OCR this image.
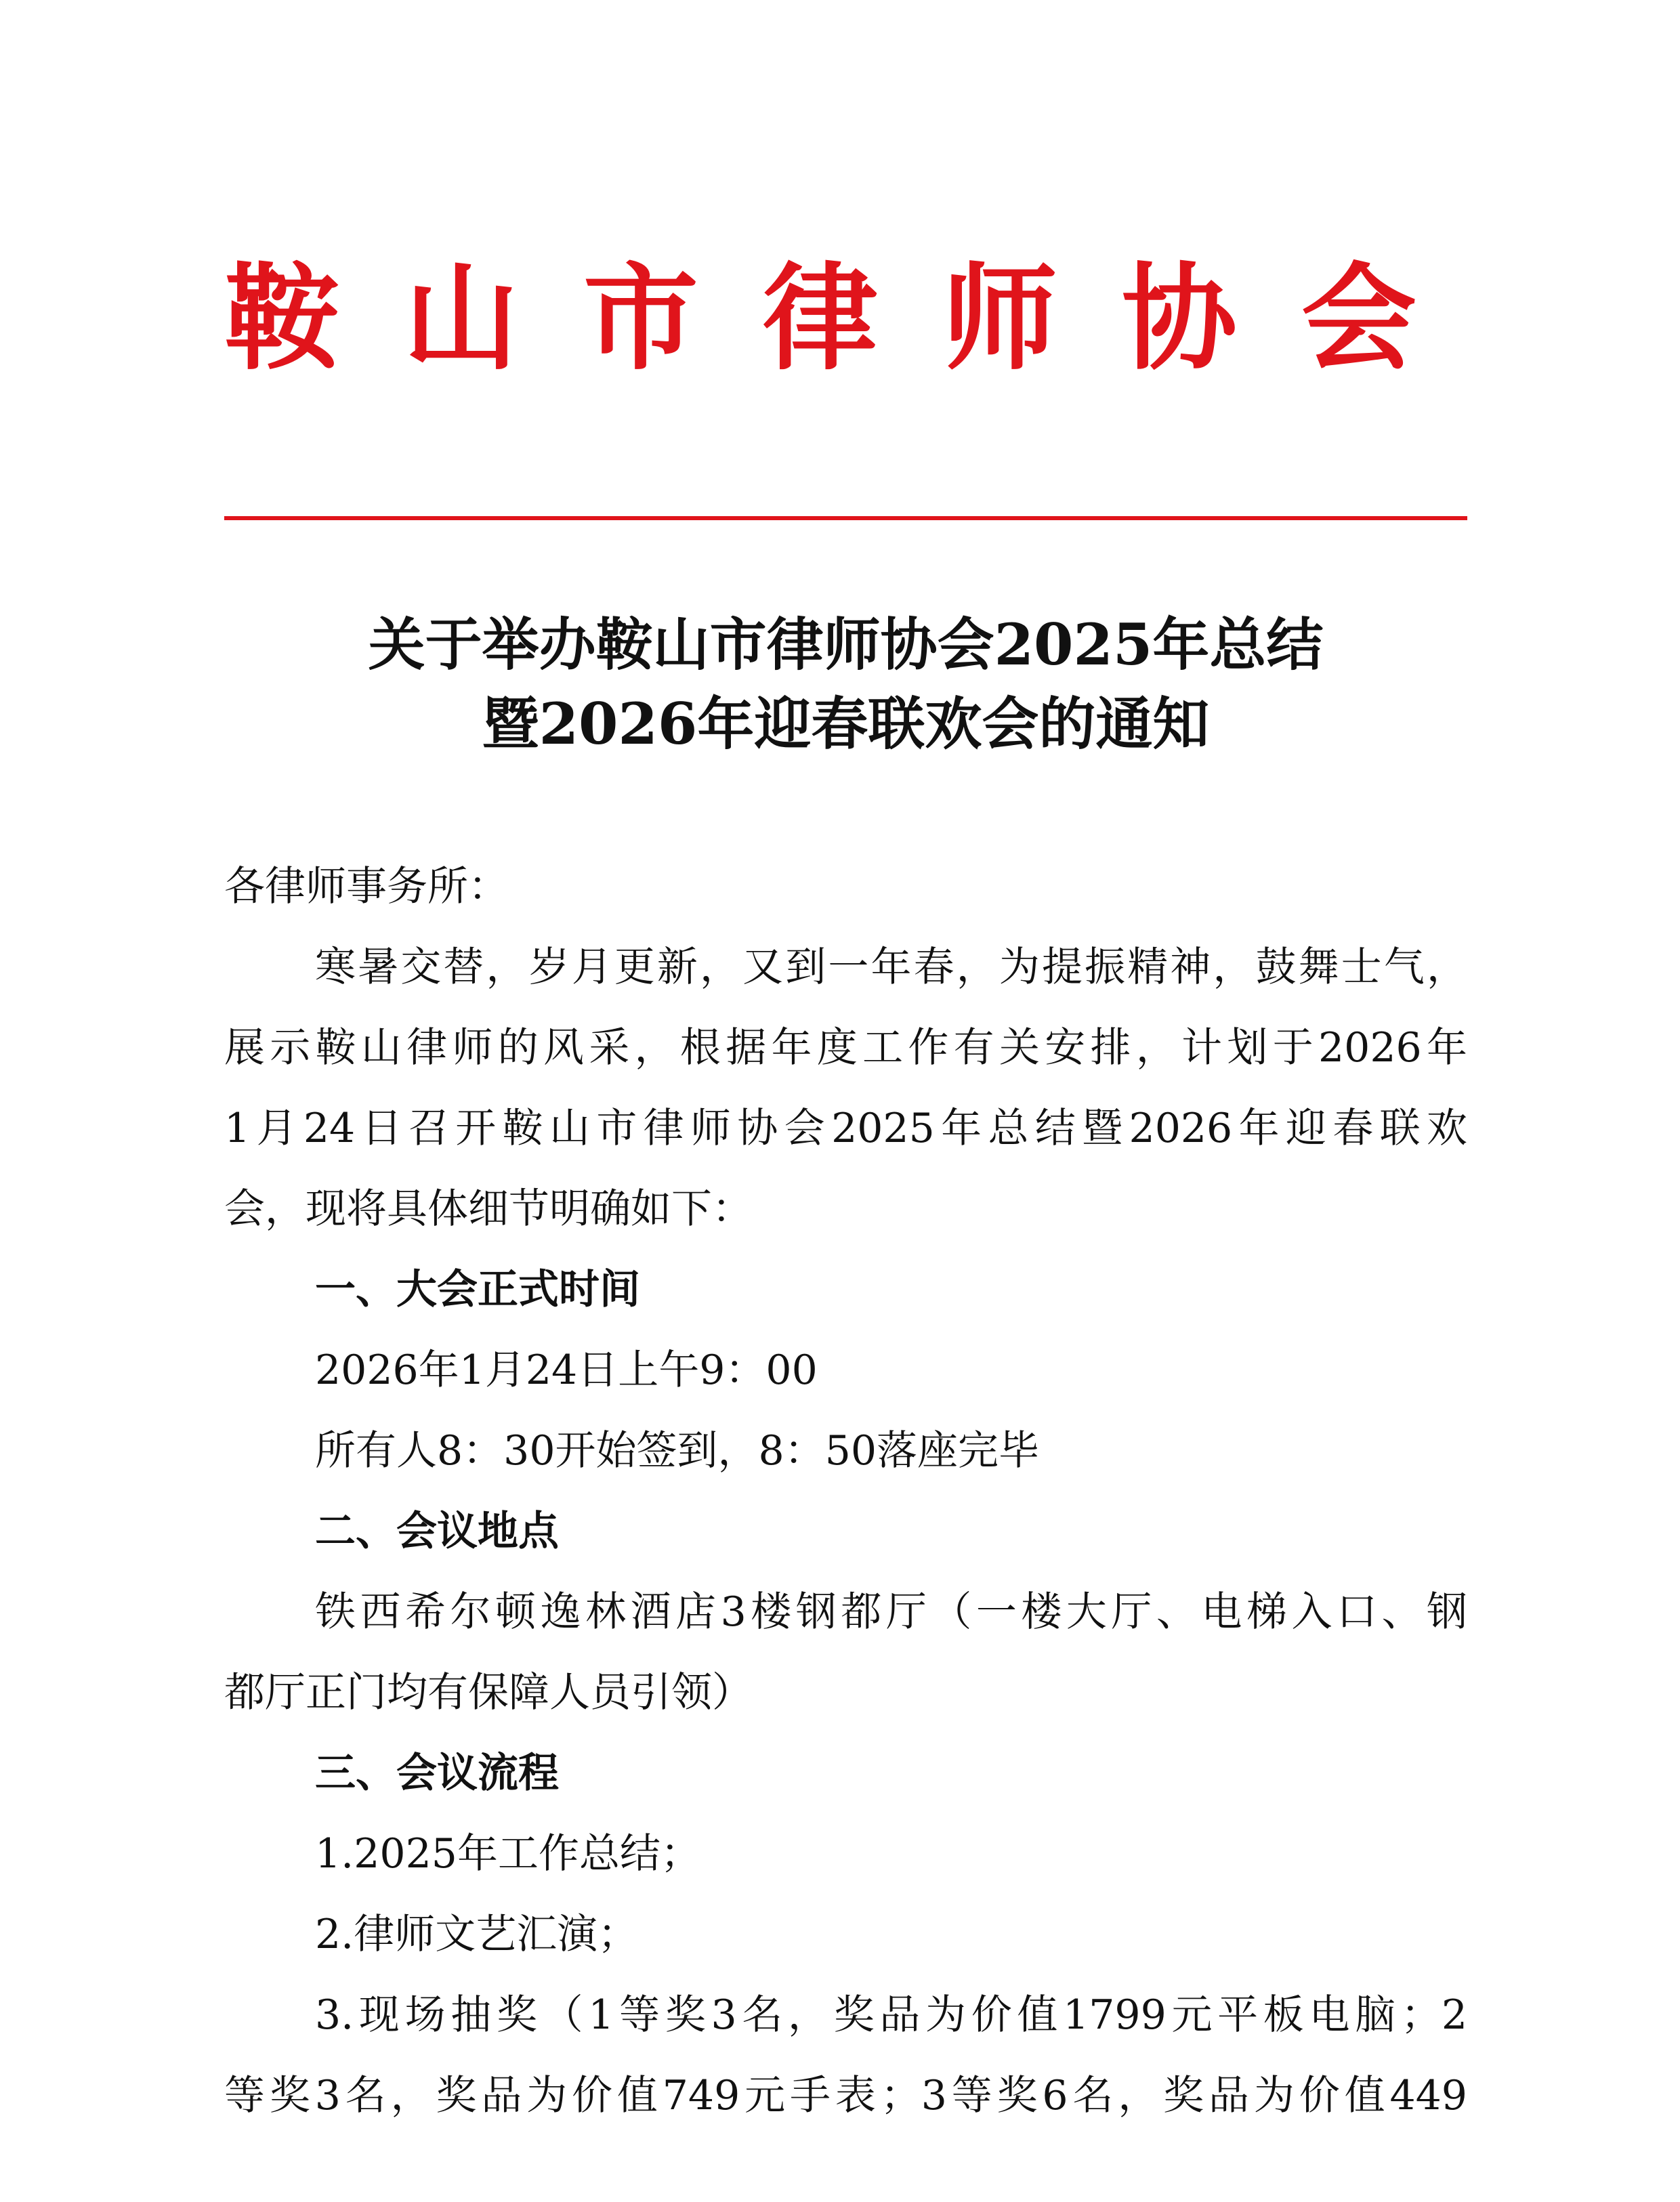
鞍 山 市 律 师 协 会
关于举办鞍山市律师协会2025年总结
暨2026年迎春联欢会的通知
各律师事务所：
寒暑交替，岁月更新，又到一年春，为提振精神，鼓舞士气，
展示鞍山律师的风采，根据年度工作有关安排，计划于2026年
1月24日召开鞍山市律师协会2025年总结暨2026年迎春联欢
会，现将具体细节明确如下：
一、大会正式时间
2026年1月24日上午9：00
所有人8：30开始签到，8：50落座完毕
二、会议地点
铁西希尔顿逸林酒店3楼钢都厅（一楼大厅、电梯入口、钢
都厅正门均有保障人员引领）
三、会议流程
1.2025年工作总结；
2.律师文艺汇演；
3.现场抽奖（1等奖3名，奖品为价值1799元平板电脑；2
等奖3名，奖品为价值749元手表；3等奖6名，奖品为价值449
